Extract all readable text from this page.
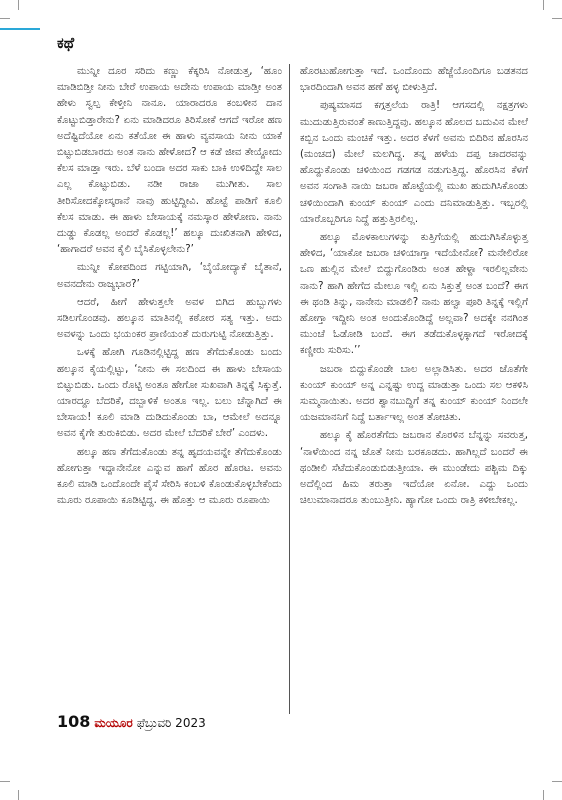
ಕಥೆ

ಮುನ್ನೀ ದೂರ ಸರಿದು ಕಣ್ಣು ಕೆಕ್ಕರಿಸಿ ನೋಡುತ್ತ, ‘ಹೂಂ ಮಾಡಿಬಿಡ್ತೀ ನೀನು ಬೇರೆ ಉಪಾಯ ಅದೇನು ಉಪಾಯ ಮಾಡ್ತೀ ಅಂತ ಹೇಳು ಸ್ವಲ್ಪ ಕೇಳ್ತೀನಿ ನಾನೂ. ಯಾರಾದರೂ ಕಂಬಳೀನ ದಾನ ಕೊಟ್ಟುಬಿಡ್ತಾರೇನು? ಏನು ಮಾಡಿದರೂ ತಿರಿಸೋಕೆ ಆಗದೆ ಇರೋ ಹಣ ಅದೆಷ್ಟಿದೆಯೋ ಏನು ಕತೆಯೋ ಈ ಹಾಳು ವ್ಯವಸಾಯ ನೀನು ಯಾಕೆ ಬಿಟ್ಟುಬಿಡಬಾರದು ಅಂತ ನಾನು ಹೇಳೋದ? ಆ ಕಡೆ ಜೀವ ತೇಯ್ದೋದು ಕೆಲಸ ಮಾಡ್ತಾ ಇರು. ಬೆಳೆ ಬಂದಾ ಅದರ ಸಾಕು ಬಾಕಿ ಉಳಿದಿದ್ದೇ ಸಾಲ ಎಲ್ಲ ಕೊಟ್ಟುಬಿಡು. ನಡೀ ರಾಜಾ ಮುಗೀತು. ಸಾಲ ತೀರಿಸೋದಕ್ಕೋಸ್ಕರಾನೆ ನಾವು ಹುಟ್ಟಿದ್ದೀವಿ. ಹೊಟ್ಟೆ ಪಾಡಿಗೆ ಕೂಲಿ ಕೆಲಸ ಮಾಡು. ಈ ಹಾಳು ಬೇಸಾಯಕ್ಕೆ ನಮಸ್ಕಾರ ಹೇಳೋಣ. ನಾನು ದುಡ್ಡು ಕೊಡಲ್ಲ ಅಂದರೆ ಕೊಡಲ್ಲ!’ ಹಲ್ಕೂ ದುಃಖಿತನಾಗಿ ಹೇಳಿದ, ‘ಹಾಗಾದರೆ ಅವನ ಕೈಲಿ ಬೈಸಿಕೊಳ್ಳಲೇನು?’

ಮುನ್ನೀ ಕೋಪದಿಂದ ಗಟ್ಟಿಯಾಗಿ, ‘ಬೈಯೋದ್ಯಾಕೆ ಬೈತಾನೆ, ಅವನದೇನು ರಾಜ್ಯಭಾರ?’

ಆದರೆ, ಹೀಗೆ ಹೇಳುತ್ತಲೇ ಅವಳ ಬಿಗಿದ ಹುಬ್ಬುಗಳು ಸಡಿಲಗೊಂಡವು. ಹಲ್ಕೂನ ಮಾತಿನಲ್ಲಿ ಕಠೋರ ಸತ್ಯ ಇತ್ತು. ಅದು ಅವಳನ್ನು ಒಂದು ಭಯಂಕರ ಪ್ರಾಣಿಯಂತೆ ದುರುಗುಟ್ಟಿ ನೋಡುತ್ತಿತ್ತು.

ಒಳಕ್ಕೆ ಹೋಗಿ ಗೂಡಿನಲ್ಲಿಟ್ಟಿದ್ದ ಹಣ ತೆಗೆದುಕೊಂಡು ಬಂದು ಹಲ್ಕೂನ ಕೈಯಲ್ಲಿಟ್ಟು, ‘ನೀನು ಈ ಸಲದಿಂದ ಈ ಹಾಳು ಬೇಸಾಯ ಬಿಟ್ಟುಬಿಡು. ಒಂದು ರೊಟ್ಟಿ ಅಂತೂ ಹೇಗೋ ಸುಖವಾಗಿ ತಿನ್ನಕ್ಕೆ ಸಿಕ್ಕುತ್ತೆ. ಯಾರದ್ದೂ ಬೆದರಿಕೆ, ದಬ್ಬಾಳಿಕೆ ಅಂತೂ ಇಲ್ಲ. ಬಲು ಚೆನ್ನಾಗಿದೆ ಈ ಬೇಸಾಯ! ಕೂಲಿ ಮಾಡಿ ದುಡಿದುಕೊಂಡು ಬಾ, ಆಮೇಲೆ ಅದನ್ನೂ ಅವನ ಕೈಗೇ ತುರುಕಿಬಿಡು. ಅದರ ಮೇಲೆ ಬೆದರಿಕೆ ಬೇರೆ’ ಎಂದಳು.

ಹಲ್ಕೂ ಹಣ ತೆಗೆದುಕೊಂಡು ತನ್ನ ಹೃದಯವನ್ನೇ ತೆಗೆದುಕೊಂಡು ಹೋಗುತ್ತಾ ಇದ್ದಾನೇನೋ ಎನ್ನುವ ಹಾಗೆ ಹೊರ ಹೊರಟ. ಅವನು ಕೂಲಿ ಮಾಡಿ ಒಂದೊಂದೇ ಪೈಸೆ ಸೇರಿಸಿ ಕಂಬಳಿ ಕೊಂಡುಕೊಳ್ಳಬೇಕೆಂದು ಮೂರು ರೂಪಾಯಿ ಕೂಡಿಟ್ಟಿದ್ದ. ಈ ಹೊತ್ತು ಆ ಮೂರು ರೂಪಾಯಿ

ಹೊರಟುಹೋಗುತ್ತಾ ಇದೆ. ಒಂದೊಂದು ಹೆಜ್ಜೆಯೊಂದಿಗೂ ಬಡತನದ ಭಾರದಿಂದಾಗಿ ಅವನ ಹಣೆ ಹಳ್ಳ ಬೀಳುತ್ತಿದೆ.

ಪುಷ್ಯಮಾಸದ ಕಗ್ಗತ್ತಲೆಯ ರಾತ್ರಿ! ಆಗಸದಲ್ಲಿ ನಕ್ಷತ್ರಗಳು ಮುದುಡುತ್ತಿರುವಂತೆ ಕಾಣುತ್ತಿದ್ದವು. ಹಲ್ಕೂನ ಹೊಲದ ಬದುವಿನ ಮೇಲೆ ಕಬ್ಬಿನ ಒಂದು ಮಂಚಿಕೆ ಇತ್ತು. ಅದರ ಕೆಳಗೆ ಅವನು ಬಿದಿರಿನ ಹೊರಸಿನ (ಮಂಚದ) ಮೇಲೆ ಮಲಗಿದ್ದ. ತನ್ನ ಹಳೆಯ ದಪ್ಪ ಚಾದರವನ್ನು ಹೊದ್ದುಕೊಂಡು ಚಳಿಯಿಂದ ಗಡಗಡ ನಡುಗುತ್ತಿದ್ದ. ಹೊರಸಿನ ಕೆಳಗೆ ಅವನ ಸಂಗಾತಿ ನಾಯಿ ಜಬರಾ ಹೊಟ್ಟೆಯಲ್ಲಿ ಮುಖ ಹುದುಗಿಸಿಕೊಂಡು ಚಳಿಯಿಂದಾಗಿ ಕುಂಯ್ ಕುಂಯ್ ಎಂದು ದನಿಮಾಡುತ್ತಿತ್ತು. ಇಬ್ಬರಲ್ಲಿ ಯಾರೊಬ್ಬರಿಗೂ ನಿದ್ದೆ ಹತ್ತುತ್ತಿರಲಿಲ್ಲ.

ಹಲ್ಕೂ ಮೊಳಕಾಲುಗಳನ್ನು ಕುತ್ತಿಗೆಯಲ್ಲಿ ಹುದುಗಿಸಿಕೊಳ್ಳುತ್ತ ಹೇಳಿದ, ‘ಯಾಕೋ ಜಬರಾ ಚಳಿಯಾಗ್ತಾ ಇದೆಯೇನೋ? ಮನೇಲಿರೋ ಒಣ ಹುಲ್ಲಿನ ಮೇಲೆ ಬಿದ್ದುಗೊಂಡಿರು ಅಂತ ಹೇಳ್ದಾ ಇರಲಿಲ್ಲವೇನು ನಾನು? ಹಾಗಿ ಹೇಗೆದ ಮೇಲೂ ಇಲ್ಲಿ ಏನು ಸಿಕ್ತುತ್ತೆ ಅಂತ ಬಂದೆ? ಈಗ ಈ ಥಂಡಿ ತಿನ್ನು, ನಾನೇನು ಮಾಡಲಿ? ನಾನು ಹಲ್ವಾ ಪೂರಿ ತಿನ್ನಕ್ಕೆ ಇಲ್ಲಿಗೆ ಹೋಗ್ತಾ ಇದ್ದೀನಿ ಅಂತ ಅಂದುಕೊಂಡಿದ್ದೆ ಅಲ್ಲವಾ? ಅದಕ್ಕೇ ನನಗಿಂತ ಮುಂಚೆ ಓಡೋಡಿ ಬಂದೆ. ಈಗ ತಡೆದುಕೊಳ್ಳಕ್ಕಾಗದೆ ಇರೋದಕ್ಕೆ ಕಣ್ಣೀರು ಸುರಿಸು.’’

ಜಬರಾ ಬಿದ್ದುಕೊಂಡೇ ಬಾಲ ಅಲ್ಲಾಡಿಸಿತು. ಅದರ ಜೊತೆಗೇ ಕುಂಯ್ ಕುಂಯ್ ಅನ್ನ ಎನ್ನಷ್ಟು ಉದ್ದ ಮಾಡುತ್ತಾ ಒಂದು ಸಲ ಆಕಳಿಸಿ ಸುಮ್ಮನಾಯಿತು. ಅದರ ಶ್ವಾನಬುದ್ಧಿಗೆ ತನ್ನ ಕುಂಯ್ ಕುಂಯ್ ನಿಂದಲೇ ಯಜಮಾನನಿಗೆ ನಿದ್ದೆ ಬರ್ತಾಇಲ್ಲ ಅಂತ ತೋಚಿತು.

ಹಲ್ಕೂ ಕೈ ಹೊರತೆಗೆದು ಜಬರಾನ ಕೊರಳಿನ ಬೆನ್ನನ್ನು ಸವರುತ್ತ, ‘ನಾಳೆಯಿಂದ ನನ್ನ ಜೊತೆ ನೀನು ಬರಕೂಡದು. ಹಾಗಿಲ್ಲದೆ ಬಂದರೆ ಈ ಥಂಡೀಲಿ ಸೆಟೆದುಕೊಂಡುಬಿಡುತ್ತೀಯಾ. ಈ ಮುಂಡೇದು ಪಶ್ಚಿಮ ದಿಕ್ಕು ಅದೆಲ್ಲಿಂದ ಹಿಮ ತರುತ್ತಾ ಇದೆಯೋ ಏನೋ. ಎದ್ದು ಒಂದು ಚಿಲುಮಾನಾದರೂ ತುಂಬುತ್ತೀನಿ. ಹ್ಯಾಗೋ ಒಂದು ರಾತ್ರಿ ಕಳೀಬೇಕಲ್ಲ.

108 ಮಯೂರ ಫೆಬ್ರುವರಿ 2023
